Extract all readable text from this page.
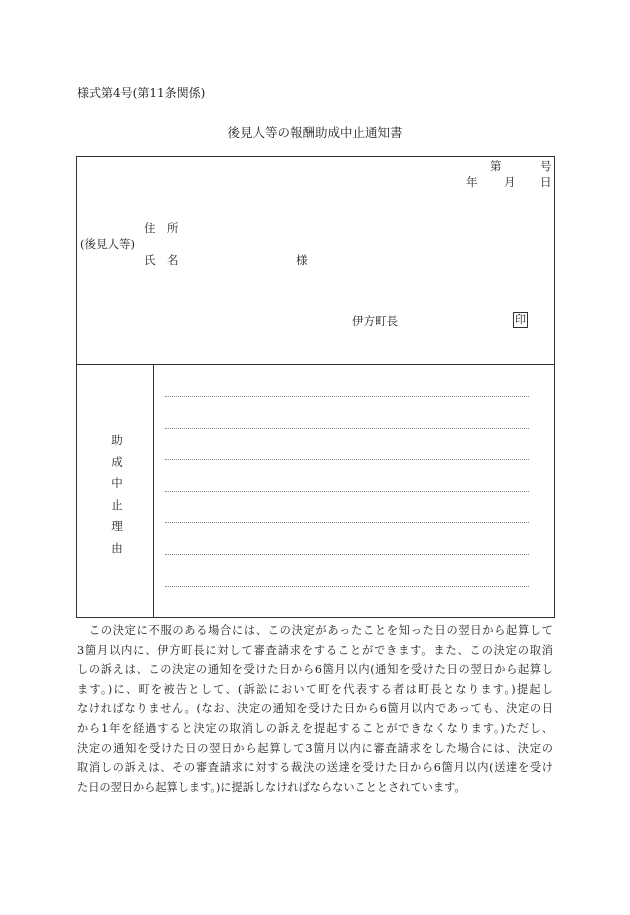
様式第4号(第11条関係)
後見人等の報酬助成中止通知書
第	号
年 月 日
住　所
(後見人等)
氏　名	様
伊方町長	印
助
成
中
止
理
由
　この決定に不服のある場合には、この決定があったことを知った日の翌日から起算して
3箇月以内に、伊方町長に対して審査請求をすることができます。また、この決定の取消
しの訴えは、この決定の通知を受けた日から6箇月以内(通知を受けた日の翌日から起算し
ます。)に、町を被告として、(訴訟において町を代表する者は町長となります。)提起し
なければなりません。(なお、決定の通知を受けた日から6箇月以内であっても、決定の日
から1年を経過すると決定の取消しの訴えを提起することができなくなります。)ただし、
決定の通知を受けた日の翌日から起算して3箇月以内に審査請求をした場合には、決定の
取消しの訴えは、その審査請求に対する裁決の送達を受けた日から6箇月以内(送達を受け
た日の翌日から起算します。)に提訴しなければならないこととされています。
